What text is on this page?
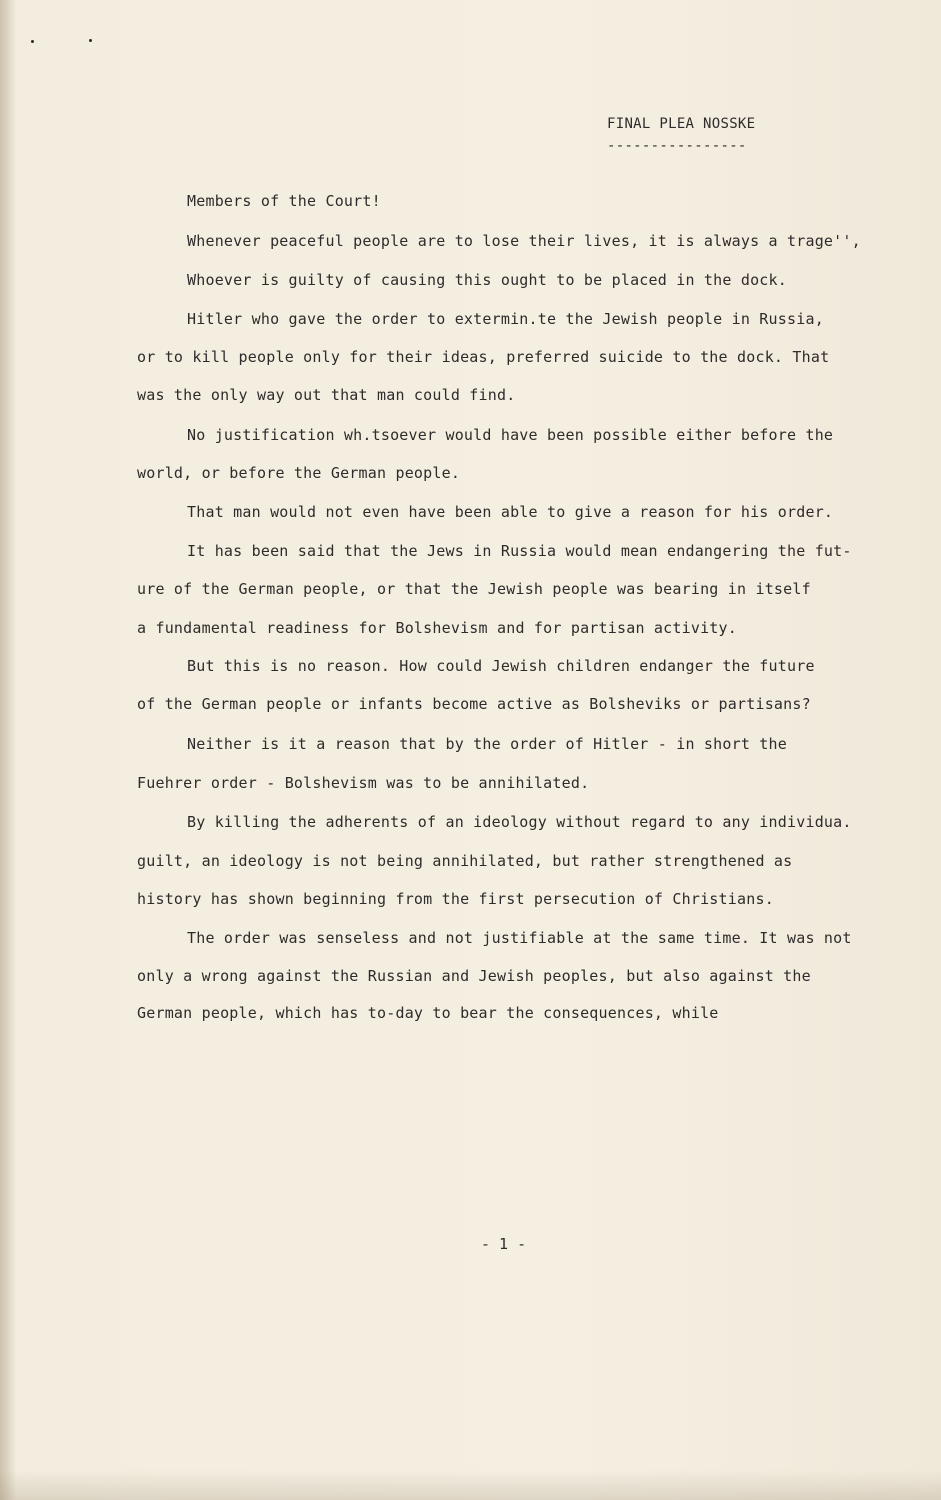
FINAL PLEA NOSSKE
----------------
Members of the Court!
Whenever peaceful people are to lose their lives, it is always a trage'',
Whoever is guilty of causing this ought to be placed in the dock.
Hitler who gave the order to extermin.te the Jewish people in Russia,
or to kill people only for their ideas, preferred suicide to the dock. That
was the only way out that man could find.
No justification wh.tsoever would have been possible either before the
world, or before the German people.
That man would not even have been able to give a reason for his order.
It has been said that the Jews in Russia would mean endangering the fut-
ure of the German people, or that the Jewish people was bearing in itself
a fundamental readiness for Bolshevism and for partisan activity.
But this is no reason. How could Jewish children endanger the future
of the German people or infants become active as Bolsheviks or partisans?
Neither is it a reason that by the order of Hitler - in short the
Fuehrer order - Bolshevism was to be annihilated.
By killing the adherents of an ideology without regard to any individua.
guilt, an ideology is not being annihilated, but rather strengthened as
history has shown beginning from the first persecution of Christians.
The order was senseless and not justifiable at the same time. It was not
only a wrong against the Russian and Jewish peoples, but also against the
German people, which has to-day to bear the consequences, while
- 1 -
